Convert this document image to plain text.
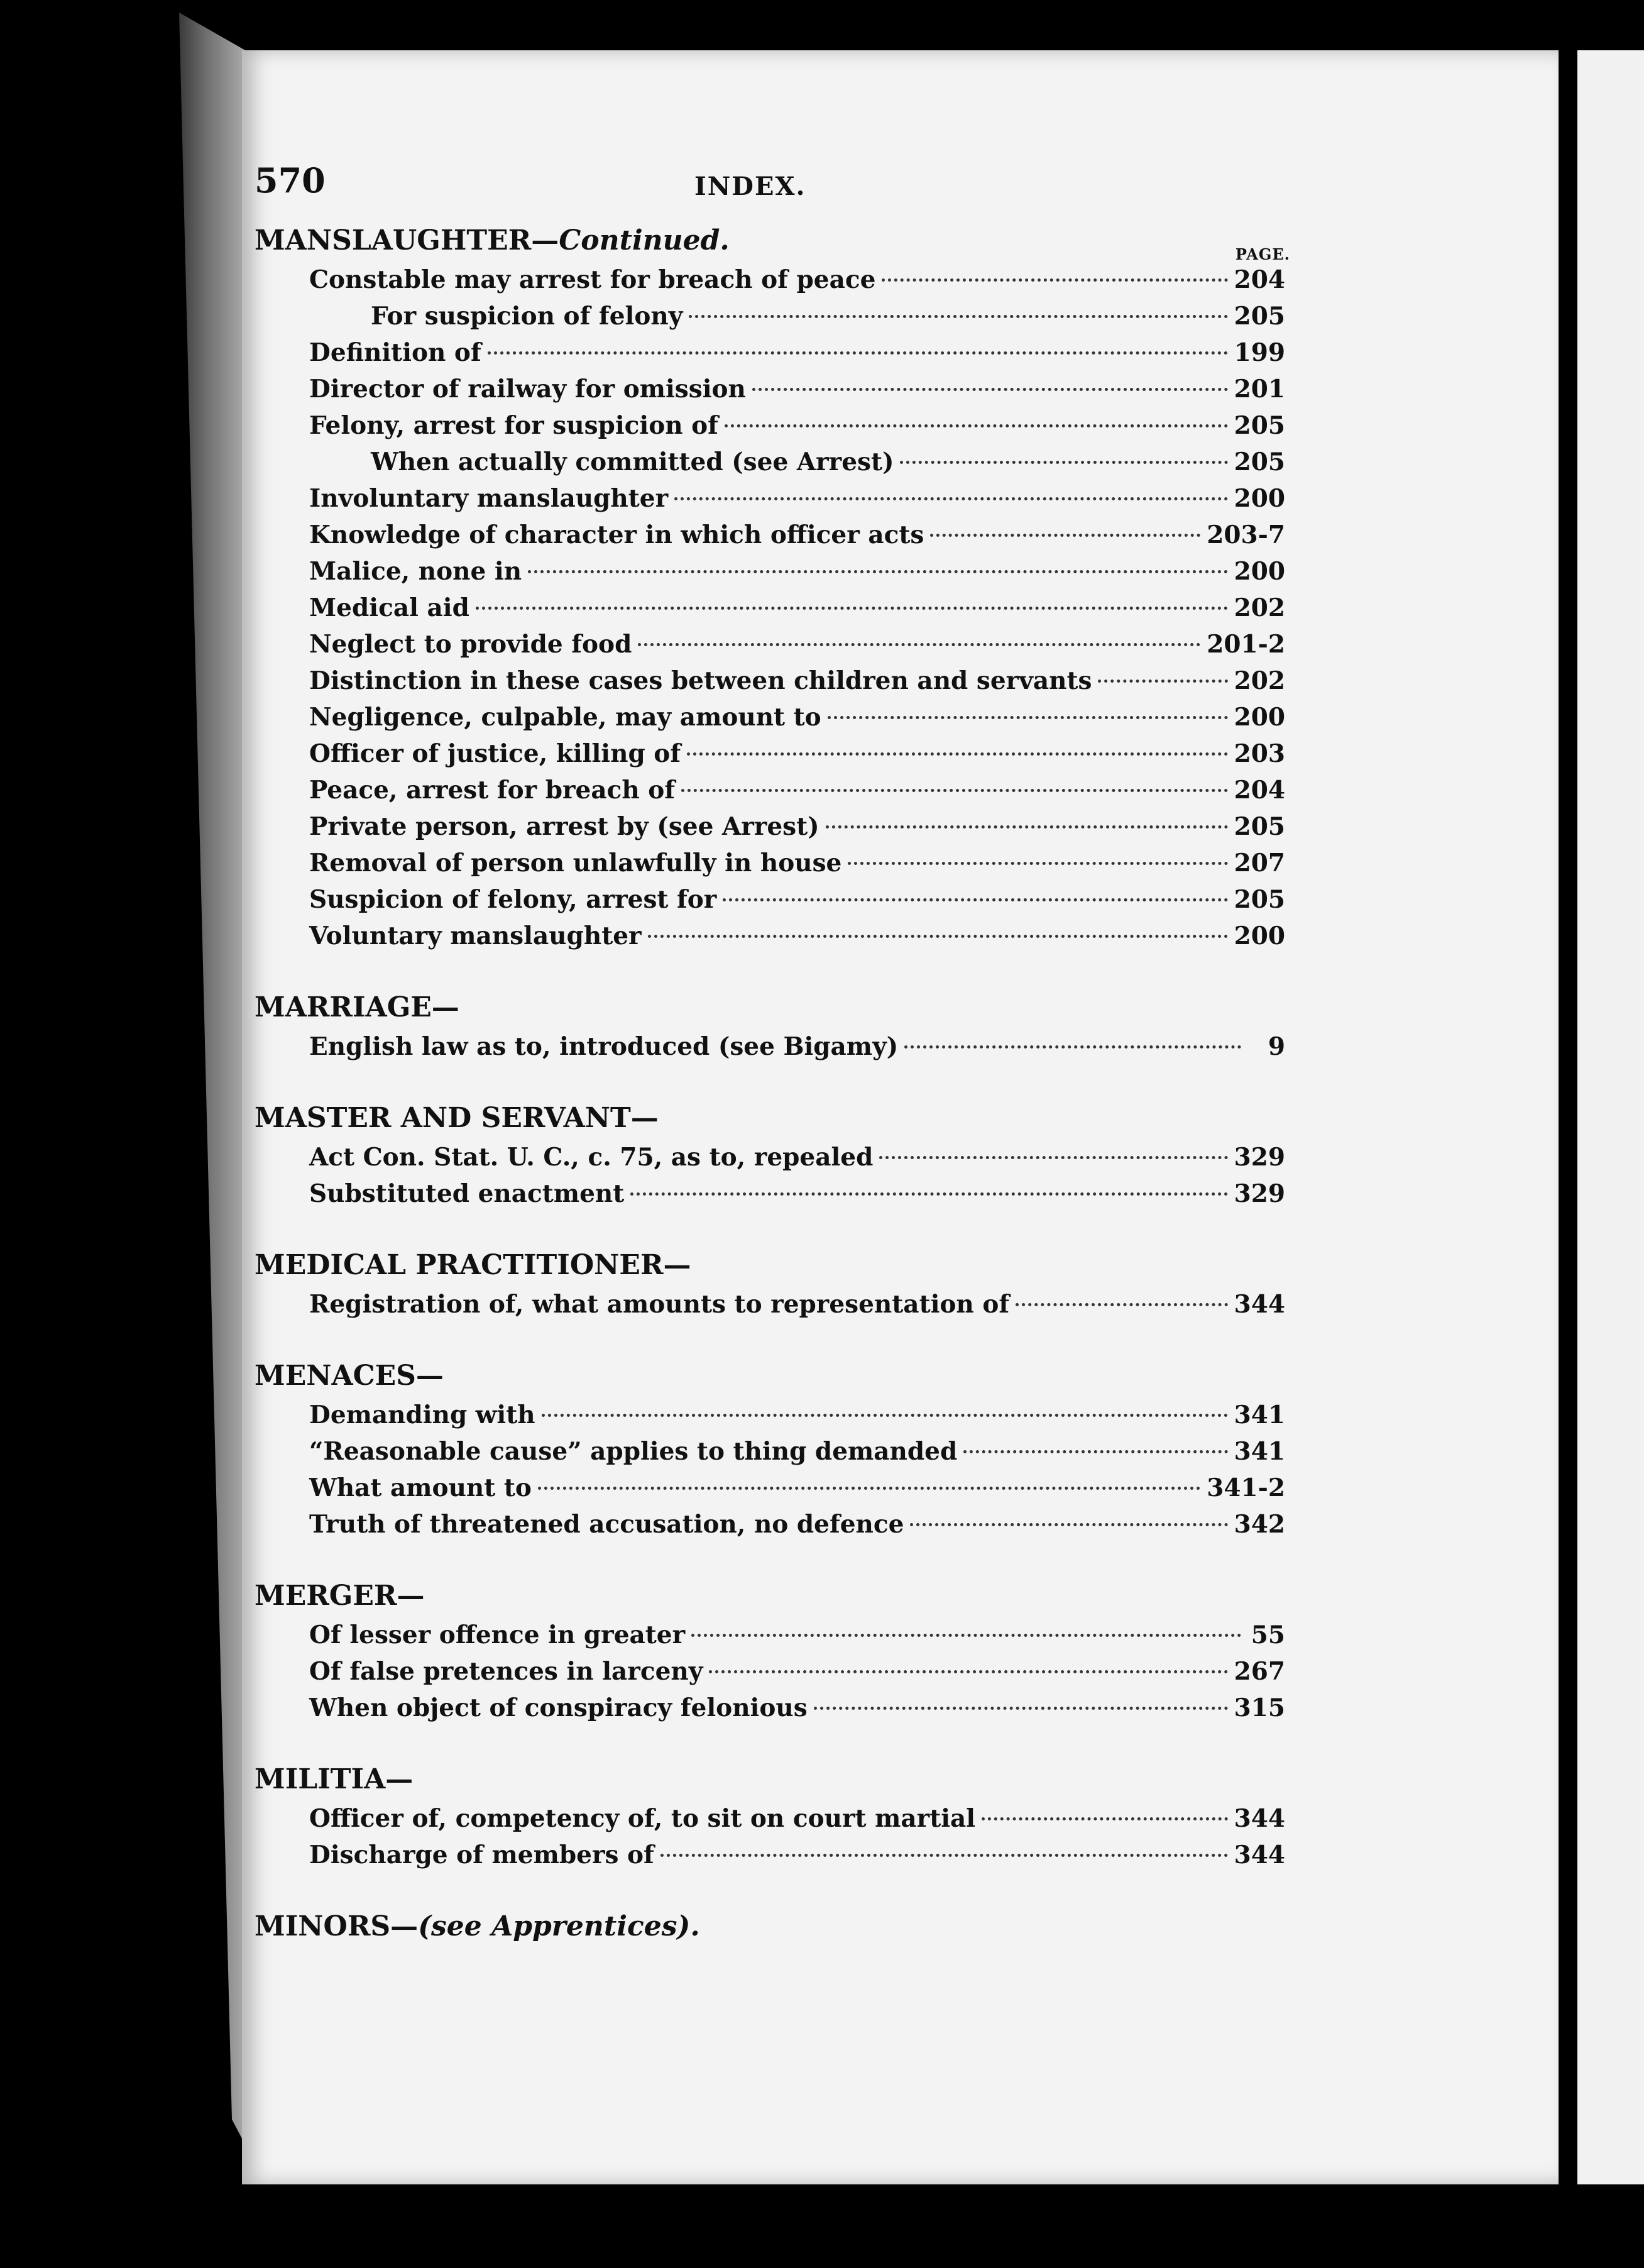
570	INDEX.
MANSLAUGHTER—Continued.	PAGE.
Constable may arrest for breach of peace	204
For suspicion of felony	205
Definition of	199
Director of railway for omission	201
Felony, arrest for suspicion of	205
When actually committed (see Arrest)	205
Involuntary manslaughter	200
Knowledge of character in which officer acts	203-7
Malice, none in	200
Medical aid	202
Neglect to provide food	201-2
Distinction in these cases between children and servants	202
Negligence, culpable, may amount to	200
Officer of justice, killing of	203
Peace, arrest for breach of	204
Private person, arrest by (see Arrest)	205
Removal of person unlawfully in house	207
Suspicion of felony, arrest for	205
Voluntary manslaughter	200
MARRIAGE—
English law as to, introduced (see Bigamy)	9
MASTER AND SERVANT—
Act Con. Stat. U. C., c. 75, as to, repealed	329
Substituted enactment	329
MEDICAL PRACTITIONER—
Registration of, what amounts to representation of	344
MENACES—
Demanding with	341
“Reasonable cause” applies to thing demanded	341
What amount to	341-2
Truth of threatened accusation, no defence	342
MERGER—
Of lesser offence in greater	55
Of false pretences in larceny	267
When object of conspiracy felonious	315
MILITIA—
Officer of, competency of, to sit on court martial	344
Discharge of members of	344
MINORS—(see Apprentices).
